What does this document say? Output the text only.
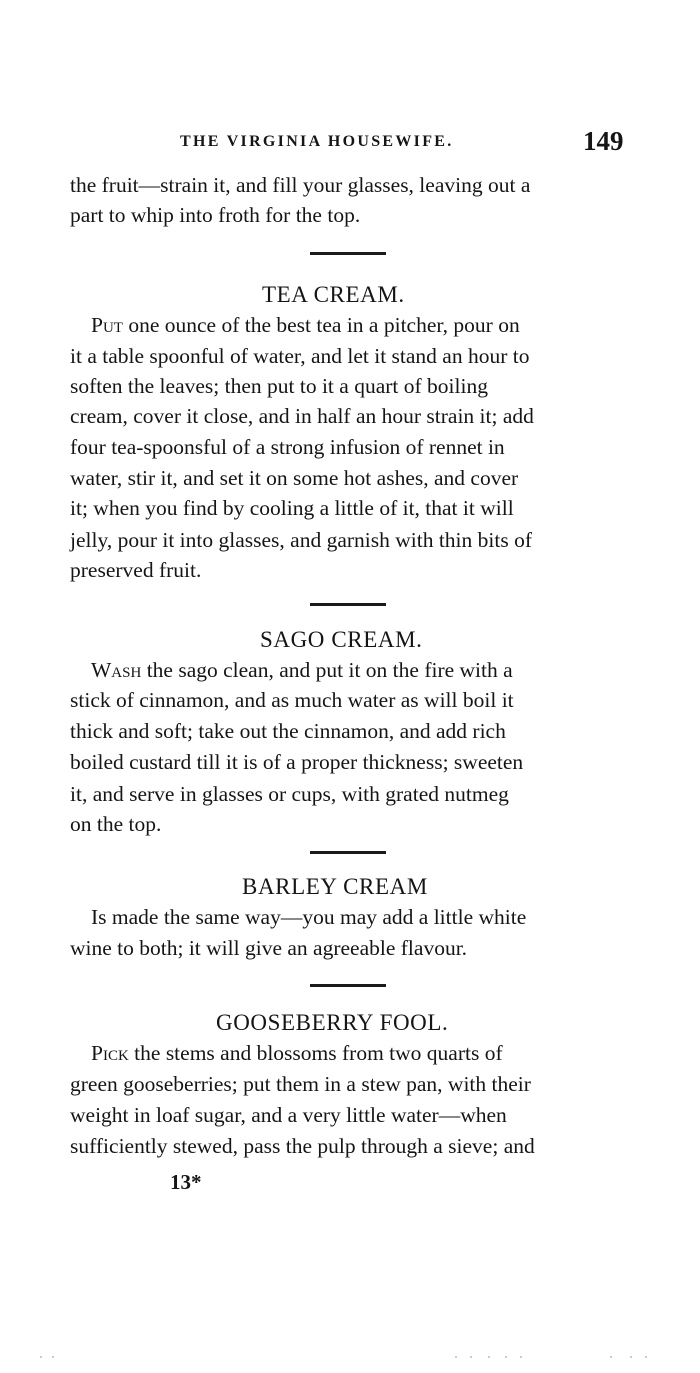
THE VIRGINIA HOUSEWIFE.	149
the fruit—strain it, and fill your glasses, leaving out a
part to whip into froth for the top.
TEA CREAM.
Put one ounce of the best tea in a pitcher, pour on
it a table spoonful of water, and let it stand an hour to
soften the leaves; then put to it a quart of boiling
cream, cover it close, and in half an hour strain it; add
four tea-spoonsful of a strong infusion of rennet in
water, stir it, and set it on some hot ashes, and cover
it; when you find by cooling a little of it, that it will
jelly, pour it into glasses, and garnish with thin bits of
preserved fruit.
SAGO CREAM.
Wash the sago clean, and put it on the fire with a
stick of cinnamon, and as much water as will boil it
thick and soft; take out the cinnamon, and add rich
boiled custard till it is of a proper thickness; sweeten
it, and serve in glasses or cups, with grated nutmeg
on the top.
BARLEY CREAM
Is made the same way—you may add a little white
wine to both; it will give an agreeable flavour.
GOOSEBERRY FOOL.
Pick the stems and blossoms from two quarts of
green gooseberries; put them in a stew pan, with their
weight in loaf sugar, and a very little water—when
sufficiently stewed, pass the pulp through a sieve; and
13*
